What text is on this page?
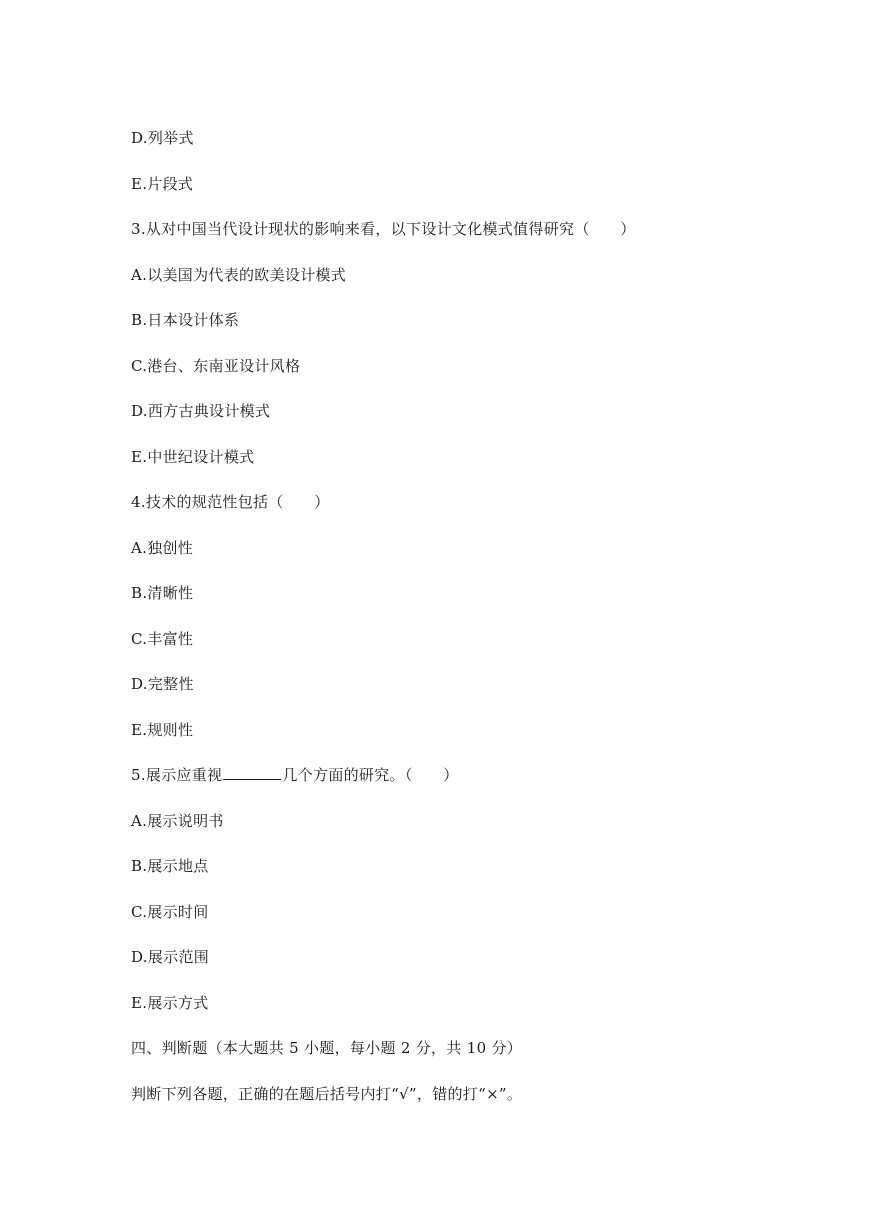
D.列举式
E.片段式
3.从对中国当代设计现状的影响来看，以下设计文化模式值得研究（　　）
A.以美国为代表的欧美设计模式
B.日本设计体系
C.港台、东南亚设计风格
D.西方古典设计模式
E.中世纪设计模式
4.技术的规范性包括（　　）
A.独创性
B.清晰性
C.丰富性
D.完整性
E.规则性
5.展示应重视	几个方面的研究。（　　）
A.展示说明书
B.展示地点
C.展示时间
D.展示范围
E.展示方式
四、判断题（本大题共 5 小题，每小题 2 分，共 10 分）
判断下列各题，正确的在题后括号内打“√”，错的打“×”。
